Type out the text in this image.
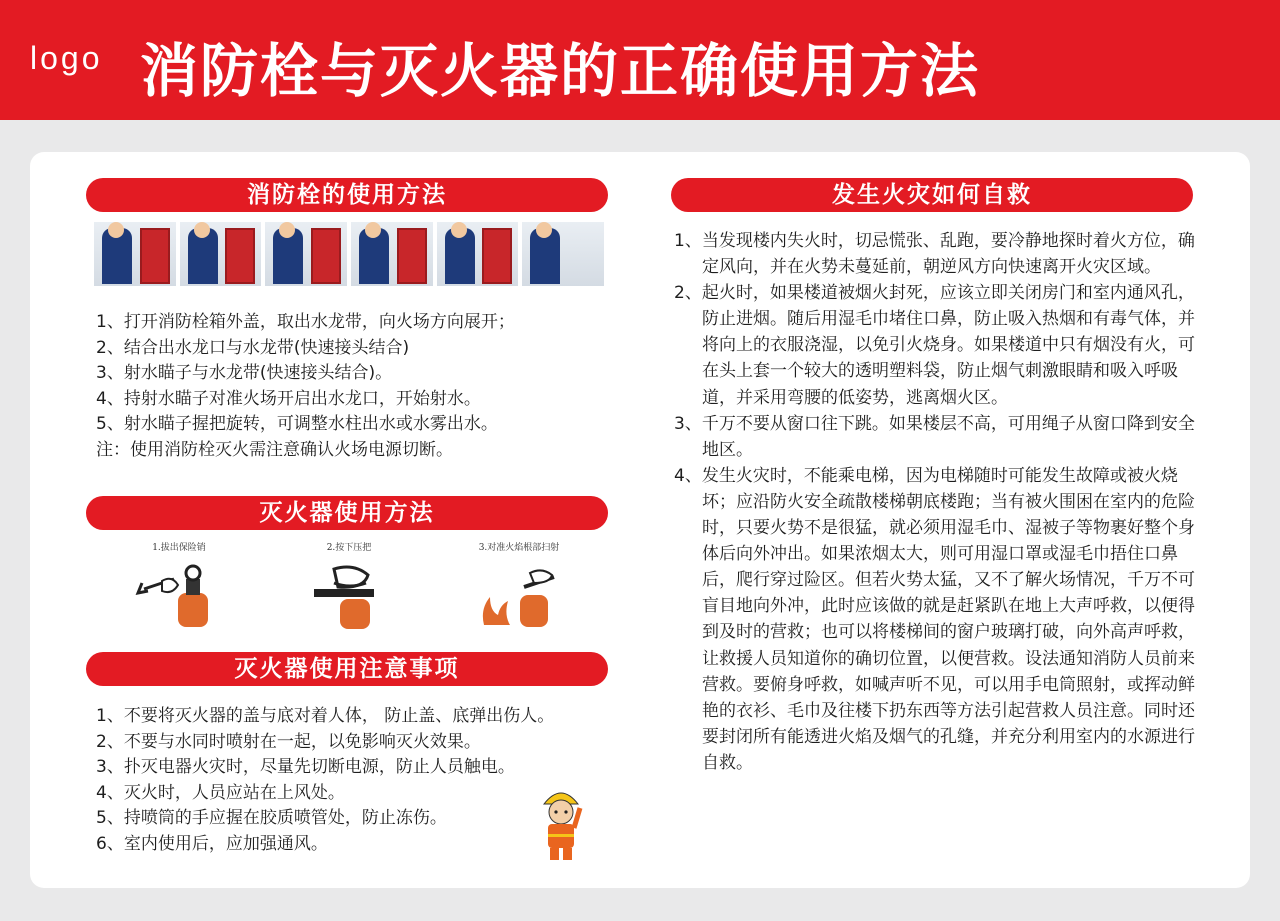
logo 消防栓与灭火器的正确使用方法
消防栓的使用方法
1、打开消防栓箱外盖，取出水龙带，向火场方向展开；
2、结合出水龙口与水龙带(快速接头结合)
3、射水瞄子与水龙带(快速接头结合)。
4、持射水瞄子对准火场开启出水龙口，开始射水。
5、射水瞄子握把旋转，可调整水柱出水或水雾出水。
注：使用消防栓灭火需注意确认火场电源切断。
灭火器使用方法
1.拔出保险销	2.按下压把	3.对准火焰根部扫射
灭火器使用注意事项
1、不要将灭火器的盖与底对着人体， 防止盖、底弹出伤人。
2、不要与水同时喷射在一起，以免影响灭火效果。
3、扑灭电器火灾时，尽量先切断电源，防止人员触电。
4、灭火时，人员应站在上风处。
5、持喷筒的手应握在胶质喷管处，防止冻伤。
6、室内使用后，应加强通风。
发生火灾如何自救
1、当发现楼内失火时，切忌慌张、乱跑，要冷静地探时着火方位，确定风向，并在火势未蔓延前，朝逆风方向快速离开火灾区域。
2、起火时，如果楼道被烟火封死，应该立即关闭房门和室内通风孔，防止进烟。随后用湿毛巾堵住口鼻，防止吸入热烟和有毒气体，并将向上的衣服浇湿，以免引火烧身。如果楼道中只有烟没有火，可在头上套一个较大的透明塑料袋，防止烟气刺激眼睛和吸入呼吸道，并采用弯腰的低姿势，逃离烟火区。
3、千万不要从窗口往下跳。如果楼层不高，可用绳子从窗口降到安全地区。
4、发生火灾时，不能乘电梯，因为电梯随时可能发生故障或被火烧坏；应沿防火安全疏散楼梯朝底楼跑；当有被火围困在室内的危险时，只要火势不是很猛，就必须用湿毛巾、湿被子等物裹好整个身体后向外冲出。如果浓烟太大，则可用湿口罩或湿毛巾捂住口鼻后，爬行穿过险区。但若火势太猛，又不了解火场情况，千万不可盲目地向外冲，此时应该做的就是赶紧趴在地上大声呼救，以便得到及时的营救；也可以将楼梯间的窗户玻璃打破，向外高声呼救，让救援人员知道你的确切位置，以便营救。设法通知消防人员前来营救。要俯身呼救，如喊声听不见，可以用手电筒照射，或挥动鲜艳的衣衫、毛巾及往楼下扔东西等方法引起营救人员注意。同时还要封闭所有能透进火焰及烟气的孔缝，并充分利用室内的水源进行自救。
